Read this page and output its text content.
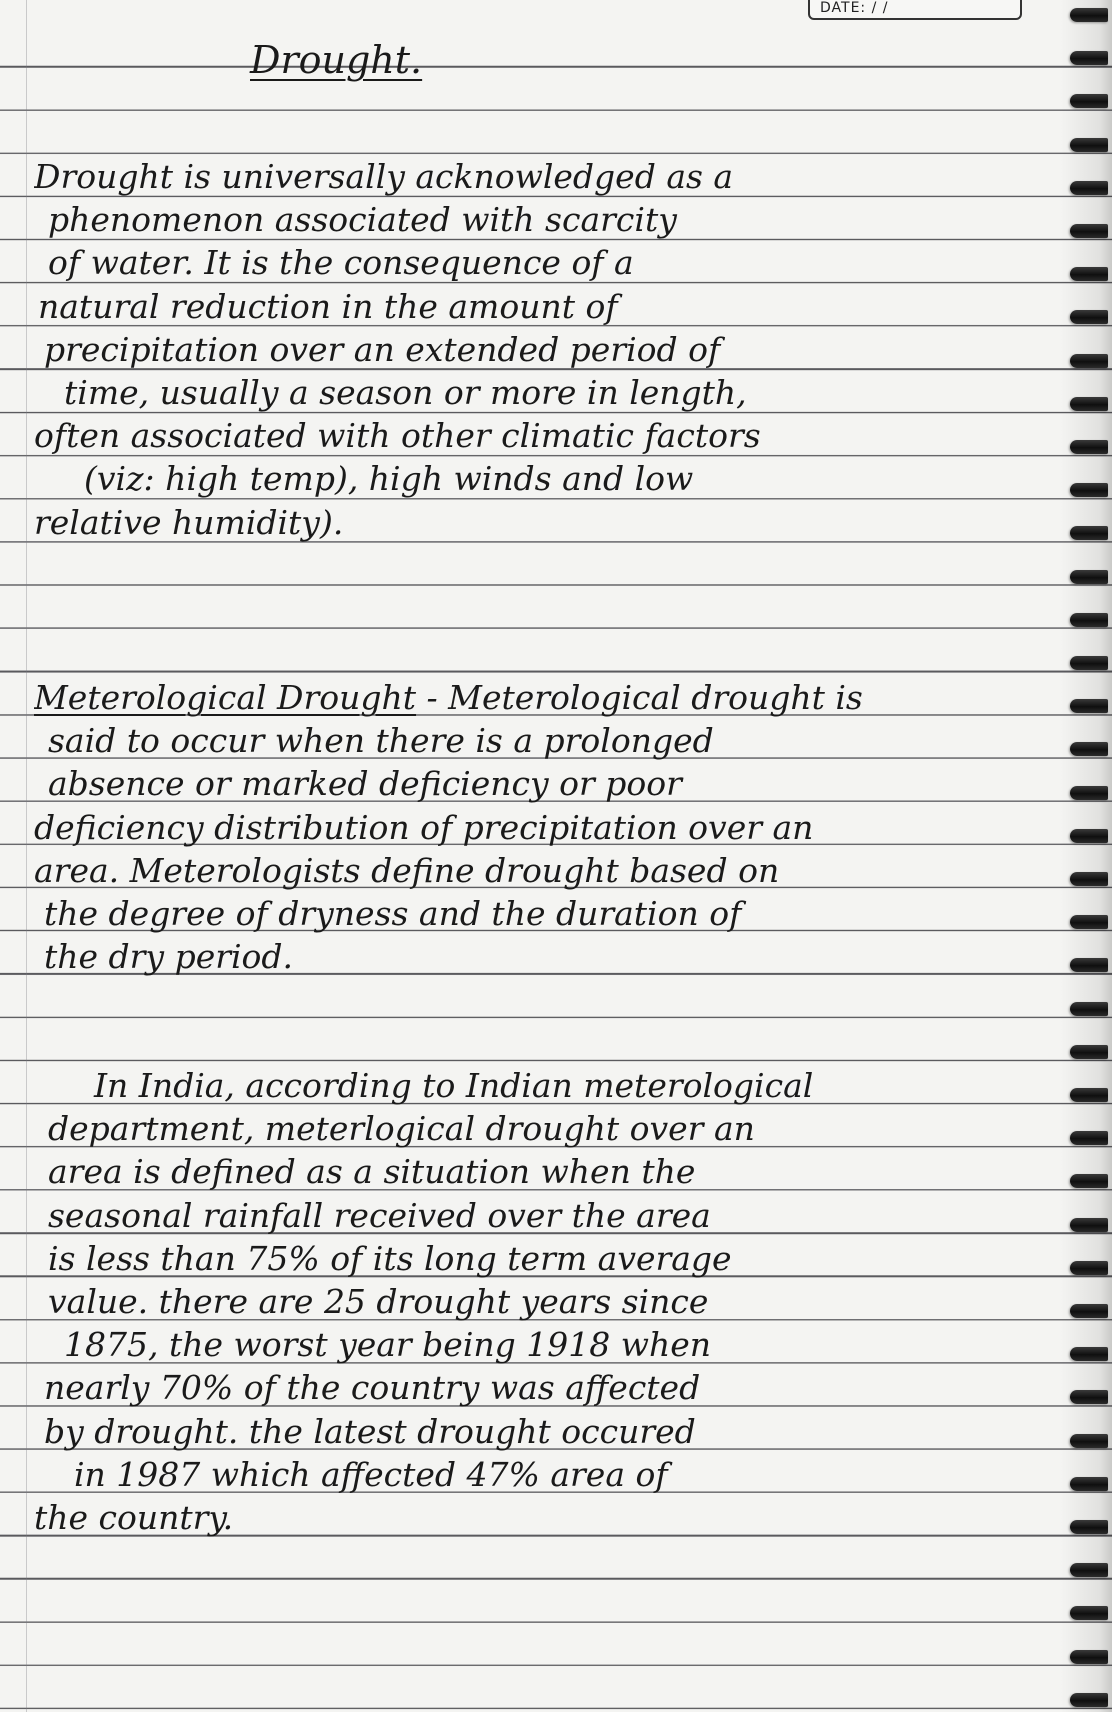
DATE: / /
Drought.
Drought is universally acknowledged as a
phenomenon associated with scarcity
of water. It is the consequence of a
natural reduction in the amount of
precipitation over an extended period of
time, usually a season or more in length,
often associated with other climatic factors
(viz: high temp), high winds and low
relative humidity).
Meterological Drought - Meterological drought is
said to occur when there is a prolonged
absence or marked deficiency or poor
deficiency distribution of precipitation over an
area. Meterologists define drought based on
the degree of dryness and the duration of
the dry period.
In India, according to Indian meterological
department, meterlogical drought over an
area is defined as a situation when the
seasonal rainfall received over the area
is less than 75% of its long term average
value. there are 25 drought years since
1875, the worst year being 1918 when
nearly 70% of the country was affected
by drought. the latest drought occured
in 1987 which affected 47% area of
the country.
